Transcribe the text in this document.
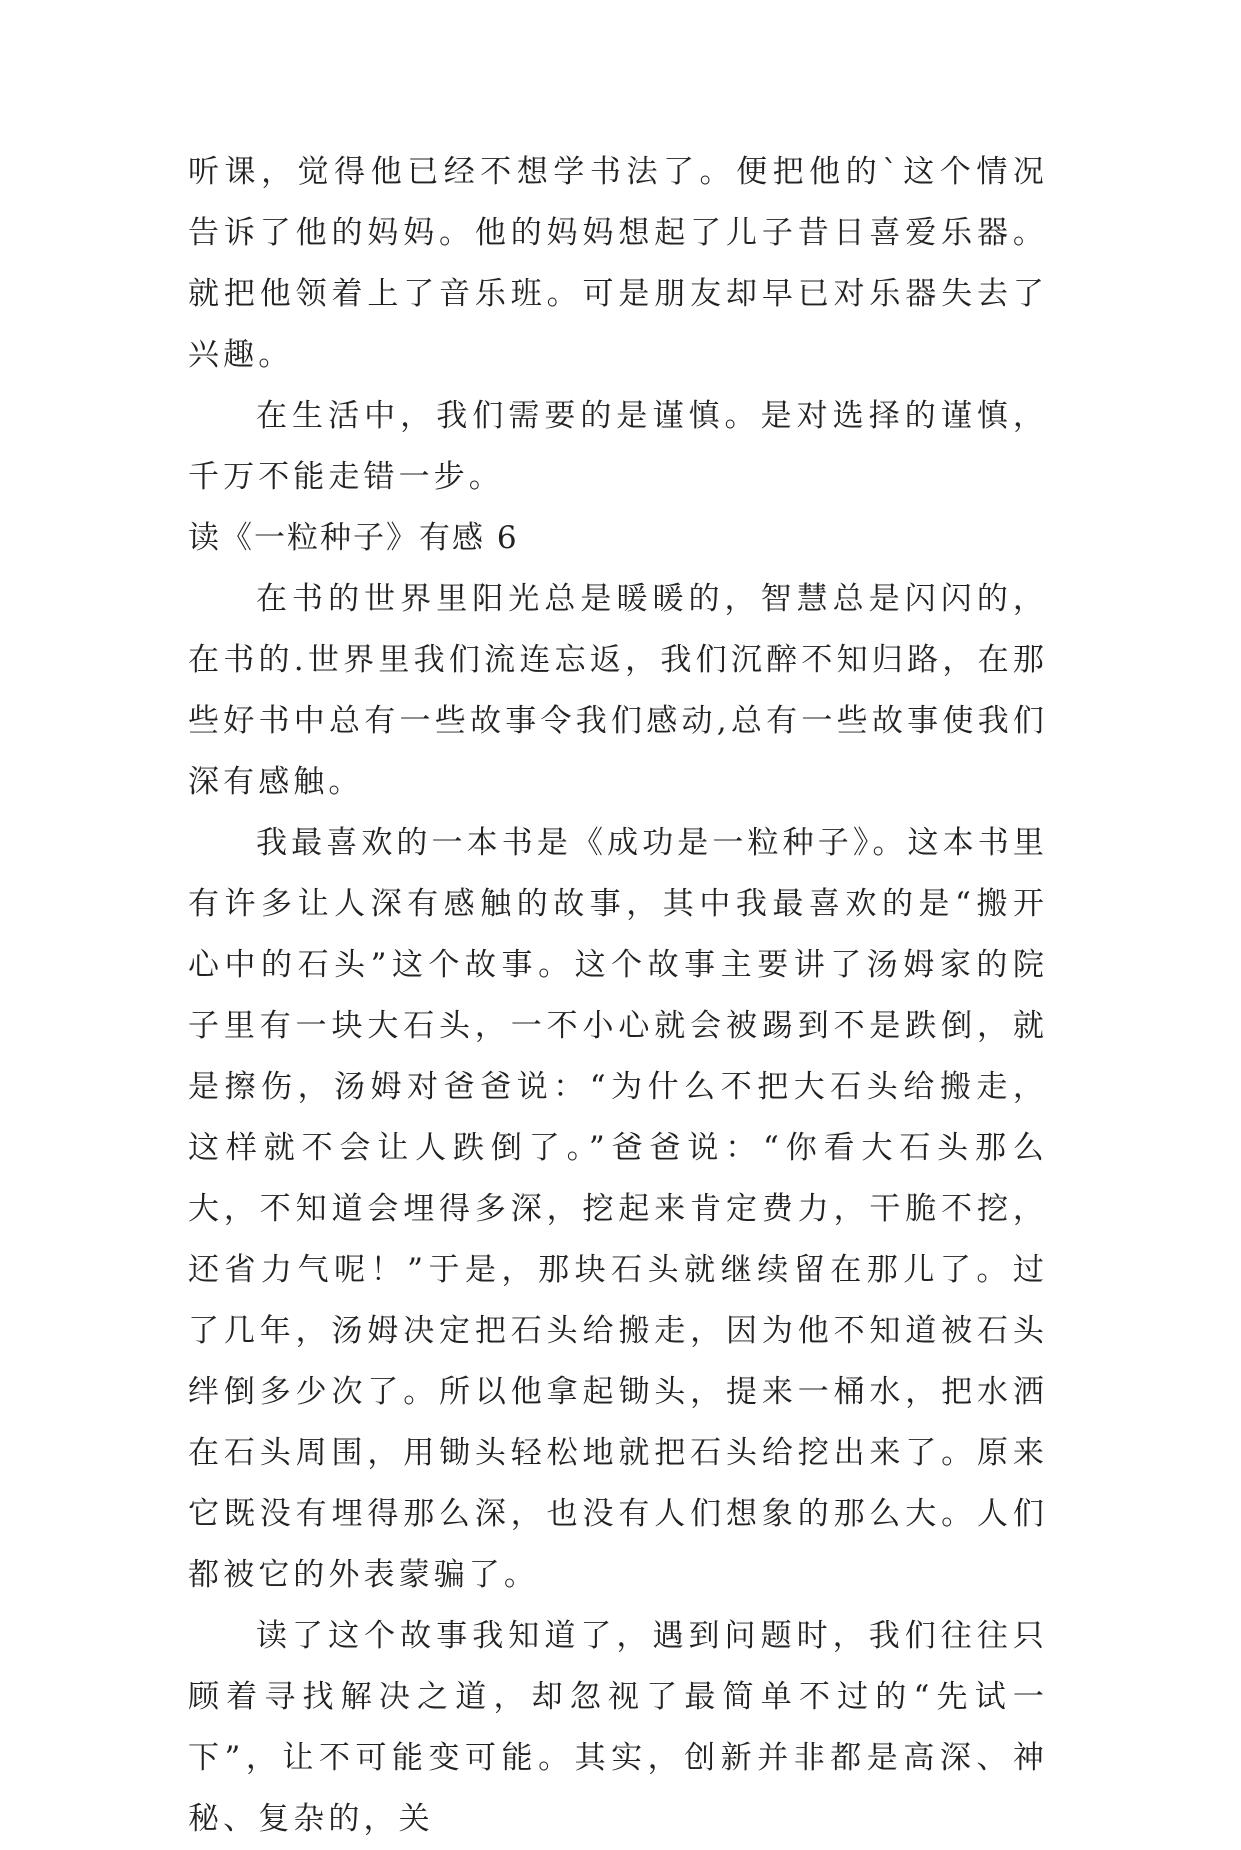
听课，觉得他已经不想学书法了。便把他的`这个情况告诉了他的妈妈。他的妈妈想起了儿子昔日喜爱乐器。就把他领着上了音乐班。可是朋友却早已对乐器失去了兴趣。

在生活中，我们需要的是谨慎。是对选择的谨慎，千万不能走错一步。

读《一粒种子》有感 6

在书的世界里阳光总是暖暖的，智慧总是闪闪的，在书的.世界里我们流连忘返，我们沉醉不知归路，在那些好书中总有一些故事令我们感动,总有一些故事使我们深有感触。

我最喜欢的一本书是《成功是一粒种子》。这本书里有许多让人深有感触的故事，其中我最喜欢的是“搬开心中的石头”这个故事。这个故事主要讲了汤姆家的院子里有一块大石头，一不小心就会被踢到不是跌倒，就是擦伤，汤姆对爸爸说：“为什么不把大石头给搬走，这样就不会让人跌倒了。”爸爸说：“你看大石头那么大，不知道会埋得多深，挖起来肯定费力，干脆不挖，还省力气呢！”于是，那块石头就继续留在那儿了。过了几年，汤姆决定把石头给搬走，因为他不知道被石头绊倒多少次了。所以他拿起锄头，提来一桶水，把水洒在石头周围，用锄头轻松地就把石头给挖出来了。原来它既没有埋得那么深，也没有人们想象的那么大。人们都被它的外表蒙骗了。

读了这个故事我知道了，遇到问题时，我们往往只顾着寻找解决之道，却忽视了最简单不过的“先试一下”，让不可能变可能。其实，创新并非都是高深、神秘、复杂的，关
